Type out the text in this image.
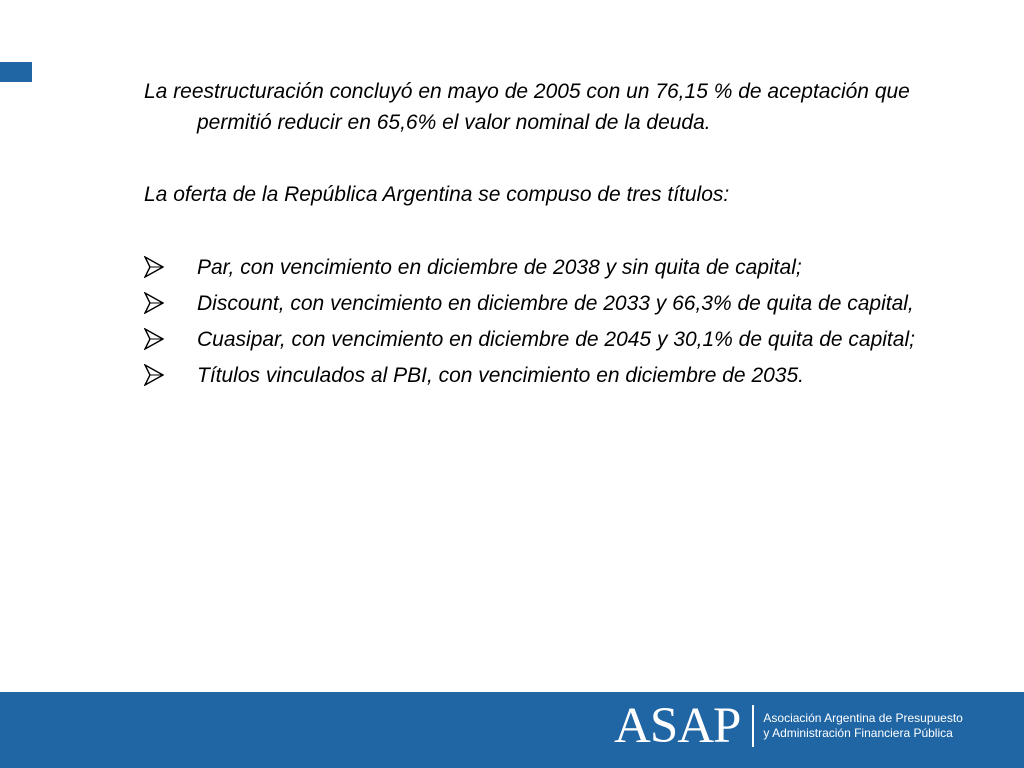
La reestructuración concluyó en mayo de 2005 con un 76,15 % de aceptación que permitió reducir en 65,6% el valor nominal de la deuda.

La oferta de la República Argentina se compuso de tres títulos:

Par, con vencimiento en diciembre de 2038 y sin quita de capital;
Discount, con vencimiento en diciembre de 2033 y 66,3% de quita de capital,
Cuasipar, con vencimiento en diciembre de 2045 y 30,1% de quita de capital;
Títulos vinculados al PBI, con vencimiento en diciembre de 2035.
ASAP Asociación Argentina de Presupuesto
y Administración Financiera Pública
